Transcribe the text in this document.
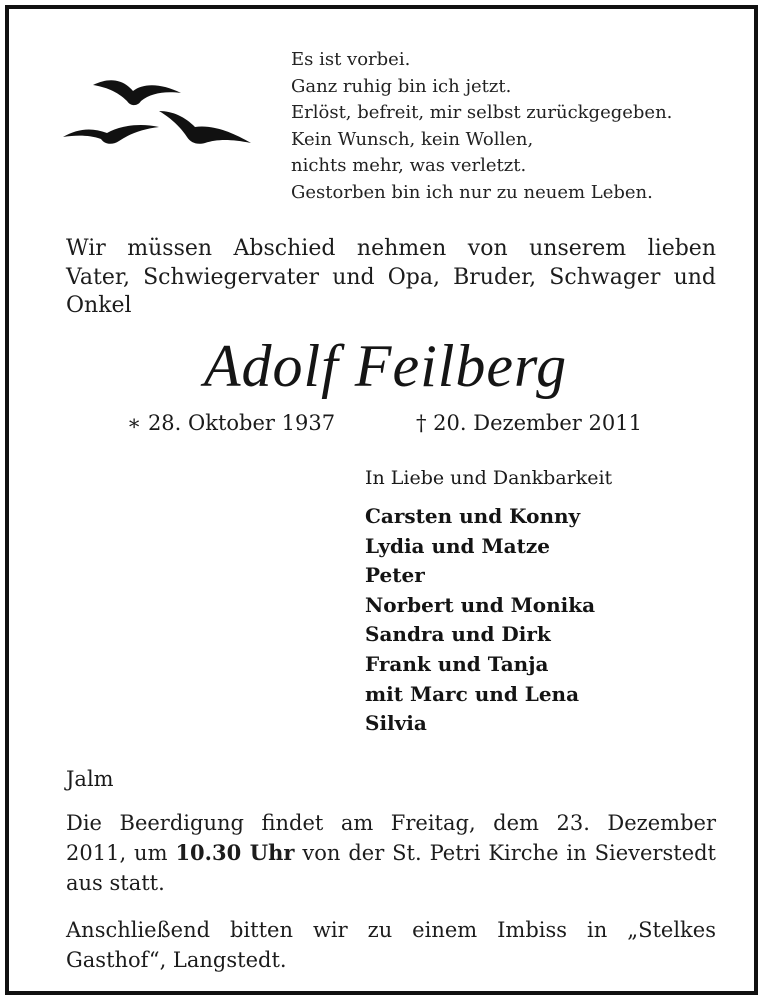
Es ist vorbei.
Ganz ruhig bin ich jetzt.
Erlöst, befreit, mir selbst zurückgegeben.
Kein Wunsch, kein Wollen,
nichts mehr, was verletzt.
Gestorben bin ich nur zu neuem Leben.
Wir müssen Abschied nehmen von unserem lieben
Vater, Schwiegervater und Opa, Bruder, Schwager und
Onkel
Adolf Feilberg
∗ 28. Oktober 1937	† 20. Dezember 2011
In Liebe und Dankbarkeit
Carsten und Konny
Lydia und Matze
Peter
Norbert und Monika
Sandra und Dirk
Frank und Tanja
mit Marc und Lena
Silvia
Jalm
Die Beerdigung findet am Freitag, dem 23. Dezember
2011, um 10.30 Uhr von der St. Petri Kirche in Sieverstedt
aus statt.
Anschließend bitten wir zu einem Imbiss in „Stelkes
Gasthof“, Langstedt.
